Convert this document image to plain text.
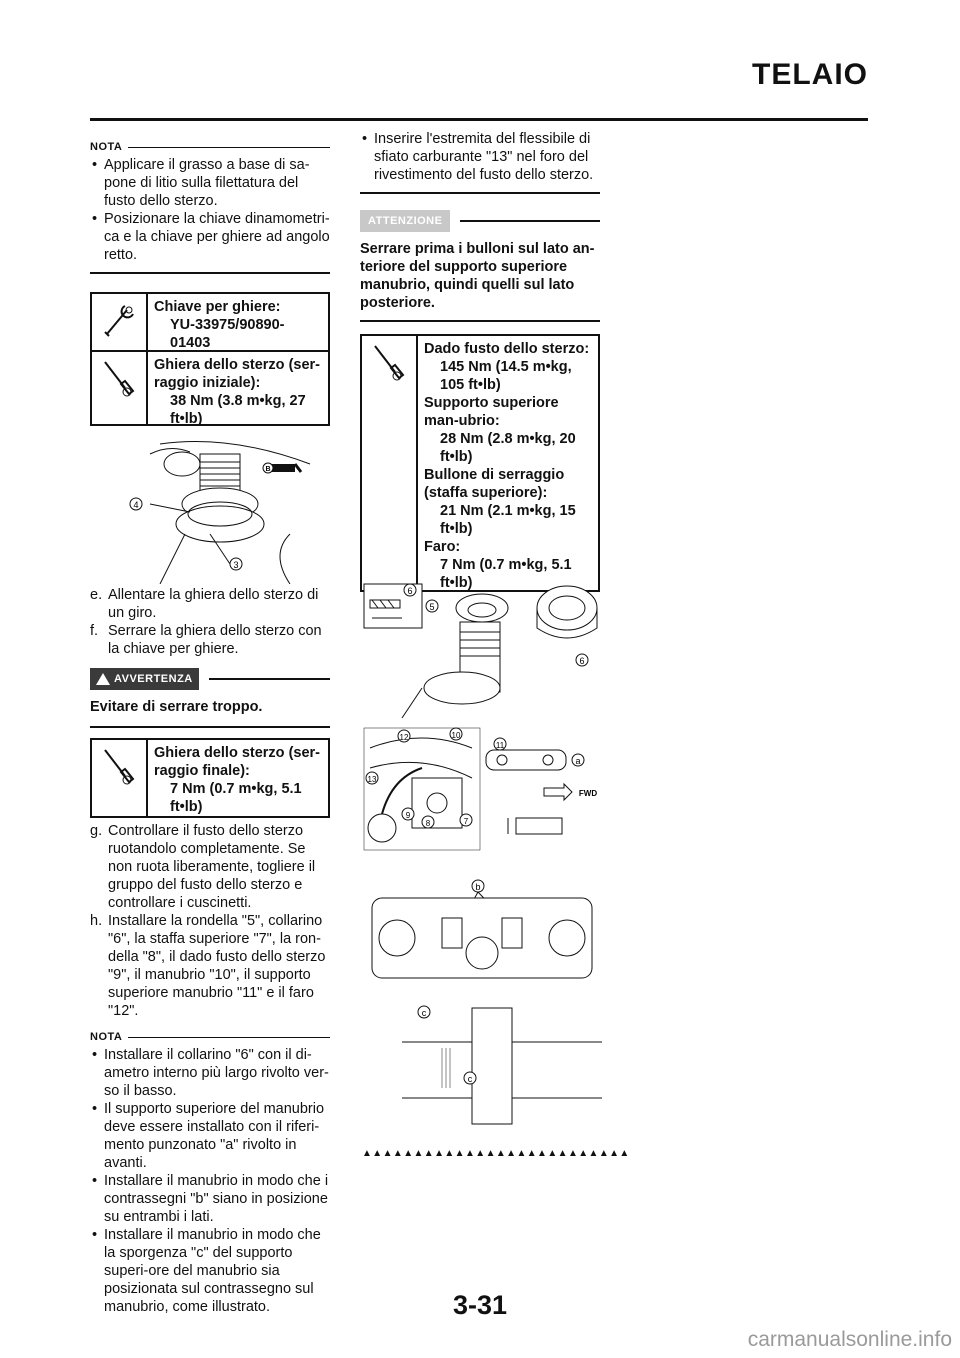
TELAIO
NOTA
• Applicare il grasso a base di sa-pone di litio sulla filettatura del fusto dello sterzo.
• Posizionare la chiave dinamometri-ca e la chiave per ghiere ad angolo retto.
Chiave per ghiere:
YU-33975/90890-01403
Ghiera dello sterzo (ser-raggio iniziale):
38 Nm (3.8 m•kg, 27 ft•lb)
4
3
B
e. Allentare la ghiera dello sterzo di un giro.
f. Serrare la ghiera dello sterzo con la chiave per ghiere.
AVVERTENZA
Evitare di serrare troppo.
Ghiera dello sterzo (ser-raggio finale):
7 Nm (0.7 m•kg, 5.1 ft•lb)
g. Controllare il fusto dello sterzo ruotandolo completamente. Se non ruota liberamente, togliere il gruppo del fusto dello sterzo e controllare i cuscinetti.
h. Installare la rondella "5", collarino "6", la staffa superiore "7", la ron-della "8", il dado fusto dello sterzo "9", il manubrio "10", il supporto superiore manubrio "11" e il faro "12".
NOTA
• Installare il collarino "6" con il di-ametro interno più largo rivolto ver-so il basso.
• Il supporto superiore del manubrio deve essere installato con il riferi-mento punzonato "a" rivolto in avanti.
• Installare il manubrio in modo che i contrassegni "b" siano in posizione su entrambi i lati.
• Installare il manubrio in modo che la sporgenza "c" del supporto superi-ore del manubrio sia posizionata sul contrassegno sul manubrio, come illustrato.
• Inserire l'estremita del flessibile di sfiato carburante "13" nel foro del rivestimento del fusto dello sterzo.
ATTENZIONE
Serrare prima i bulloni sul lato an-teriore del supporto superiore manubrio, quindi quelli sul lato posteriore.
Dado fusto dello sterzo:
145 Nm (14.5 m•kg, 105 ft•lb)
Supporto superiore man-ubrio:
28 Nm (2.8 m•kg, 20 ft•lb)
Bullone di serraggio (staffa superiore):
21 Nm (2.1 m•kg, 15 ft•lb)
Faro:
7 Nm (0.7 m•kg, 5.1 ft•lb)
6
5
6
12	10
13
9
8	7
11
a
FWD
b
c
c
▲▲▲▲▲▲▲▲▲▲▲▲▲▲▲▲▲▲▲▲▲▲▲▲▲▲
3-31
carmanualsonline.info
